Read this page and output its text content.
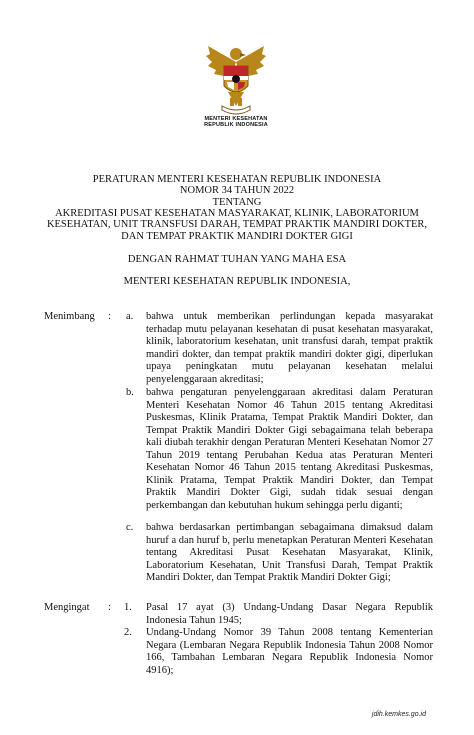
MENTERI KESEHATAN
REPUBLIK INDONESIA
PERATURAN MENTERI KESEHATAN REPUBLIK INDONESIA
NOMOR 34 TAHUN 2022
TENTANG
AKREDITASI PUSAT KESEHATAN MASYARAKAT, KLINIK, LABORATORIUM
KESEHATAN, UNIT TRANSFUSI DARAH, TEMPAT PRAKTIK MANDIRI DOKTER,
DAN TEMPAT PRAKTIK MANDIRI DOKTER GIGI
DENGAN RAHMAT TUHAN YANG MAHA ESA
MENTERI KESEHATAN REPUBLIK INDONESIA,
Menimbang : a. bahwa untuk memberikan perlindungan kepada masyarakat terhadap mutu pelayanan kesehatan di pusat kesehatan masyarakat, klinik, laboratorium kesehatan, unit transfusi darah, tempat praktik mandiri dokter, dan tempat praktik mandiri dokter gigi, diperlukan upaya peningkatan mutu pelayanan kesehatan melalui penyelenggaraan akreditasi;
b. bahwa pengaturan penyelenggaraan akreditasi dalam Peraturan Menteri Kesehatan Nomor 46 Tahun 2015 tentang Akreditasi Puskesmas, Klinik Pratama, Tempat Praktik Mandiri Dokter, dan Tempat Praktik Mandiri Dokter Gigi sebagaimana telah beberapa kali diubah terakhir dengan Peraturan Menteri Kesehatan Nomor 27 Tahun 2019 tentang Perubahan Kedua atas Peraturan Menteri Kesehatan Nomor 46 Tahun 2015 tentang Akreditasi Puskesmas, Klinik Pratama, Tempat Praktik Mandiri Dokter, dan Tempat Praktik Mandiri Dokter Gigi, sudah tidak sesuai dengan perkembangan dan kebutuhan hukum sehingga perlu diganti;
c. bahwa berdasarkan pertimbangan sebagaimana dimaksud dalam huruf a dan huruf b, perlu menetapkan Peraturan Menteri Kesehatan tentang Akreditasi Pusat Kesehatan Masyarakat, Klinik, Laboratorium Kesehatan, Unit Transfusi Darah, Tempat Praktik Mandiri Dokter, dan Tempat Praktik Mandiri Dokter Gigi;
Mengingat : 1. Pasal 17 ayat (3) Undang-Undang Dasar Negara Republik Indonesia Tahun 1945;
2. Undang-Undang Nomor 39 Tahun 2008 tentang Kementerian Negara (Lembaran Negara Republik Indonesia Tahun 2008 Nomor 166, Tambahan Lembaran Negara Republik Indonesia Nomor 4916);
jdih.kemkes.go.id
